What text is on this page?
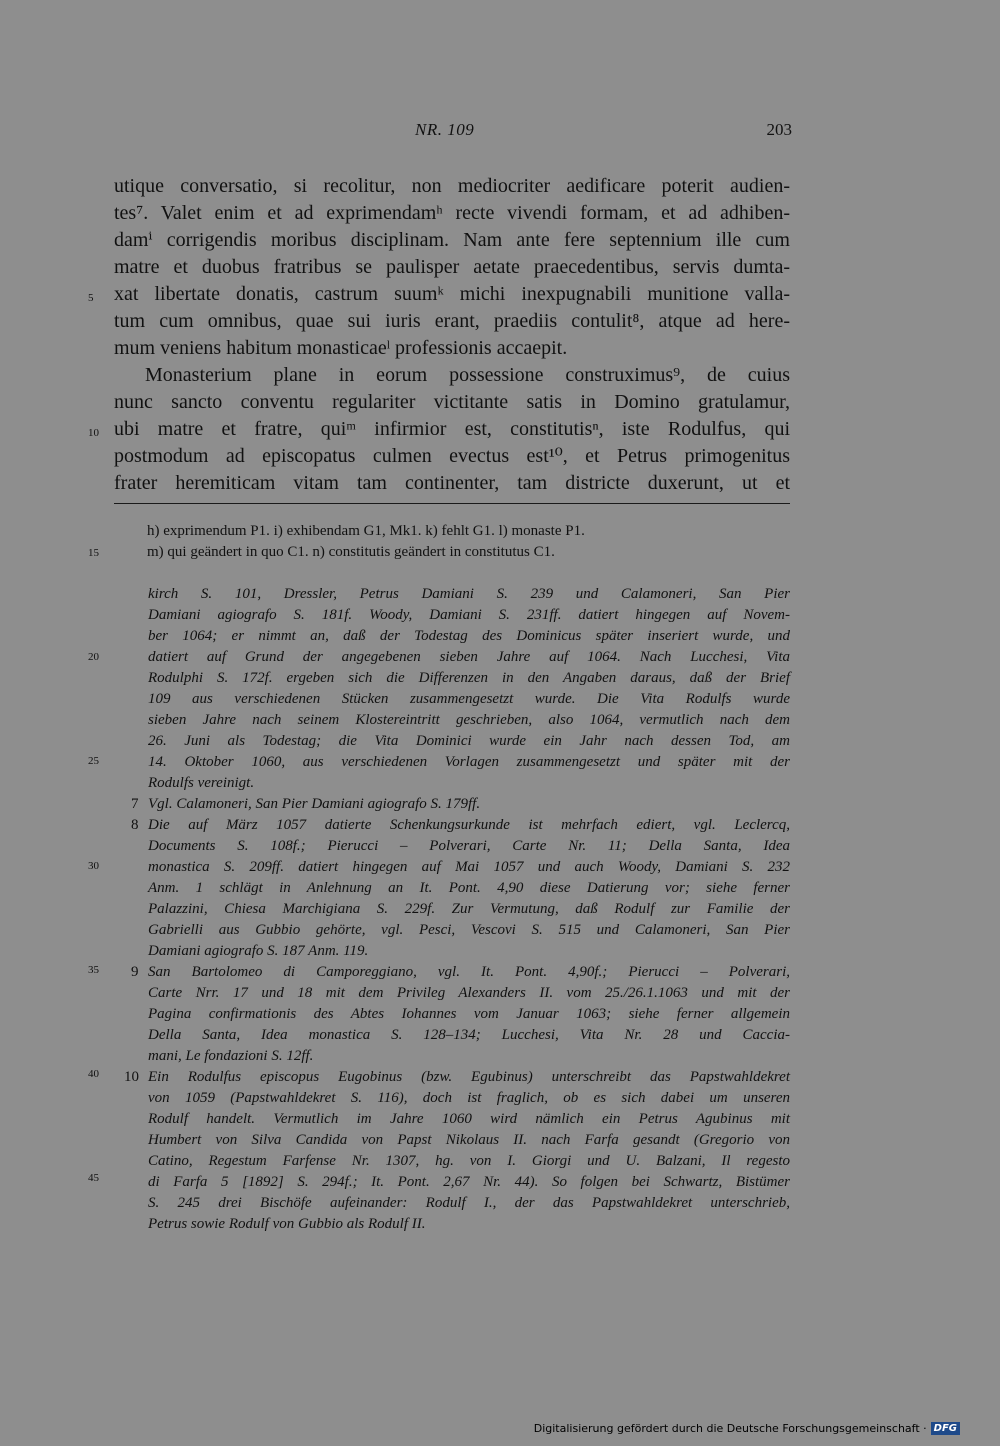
NR. 109	203
utique conversatio, si recolitur, non mediocriter aedificare poterit audien-
tes⁷. Valet enim et ad exprimendamʰ recte vivendi formam, et ad adhiben-
damⁱ corrigendis moribus disciplinam. Nam ante fere septennium ille cum
matre et duobus fratribus se paulisper aetate praecedentibus, servis dumta-
xat libertate donatis, castrum suumᵏ michi inexpugnabili munitione valla-
tum cum omnibus, quae sui iuris erant, praediis contulit⁸, atque ad here-
mum veniens habitum monasticaeˡ professionis accaepit.
Monasterium plane in eorum possessione construximus⁹, de cuius
nunc sancto conventu regulariter victitante satis in Domino gratulamur,
ubi matre et fratre, quiᵐ infirmior est, constitutisⁿ, iste Rodulfus, qui
postmodum ad episcopatus culmen evectus est¹⁰, et Petrus primogenitus
frater heremiticam vitam tam continenter, tam districte duxerunt, ut et
5
10
15
20
25
30
35
40
45
h) exprimendum P1. i) exhibendam G1, Mk1. k) fehlt G1. l) monaste P1.
m) qui geändert in quo C1. n) constitutis geändert in constitutus C1.
kirch S. 101, Dressler, Petrus Damiani S. 239 und Calamoneri, San Pier
Damiani agiografo S. 181f. Woody, Damiani S. 231ff. datiert hingegen auf Novem-
ber 1064; er nimmt an, daß der Todestag des Dominicus später inseriert wurde, und
datiert auf Grund der angegebenen sieben Jahre auf 1064. Nach Lucchesi, Vita
Rodulphi S. 172f. ergeben sich die Differenzen in den Angaben daraus, daß der Brief
109 aus verschiedenen Stücken zusammengesetzt wurde. Die Vita Rodulfs wurde
sieben Jahre nach seinem Klostereintritt geschrieben, also 1064, vermutlich nach dem
26. Juni als Todestag; die Vita Dominici wurde ein Jahr nach dessen Tod, am
14. Oktober 1060, aus verschiedenen Vorlagen zusammengesetzt und später mit der
Rodulfs vereinigt.
7 Vgl. Calamoneri, San Pier Damiani agiografo S. 179ff.
8 Die auf März 1057 datierte Schenkungsurkunde ist mehrfach ediert, vgl. Leclercq,
Documents S. 108f.; Pierucci – Polverari, Carte Nr. 11; Della Santa, Idea
monastica S. 209ff. datiert hingegen auf Mai 1057 und auch Woody, Damiani S. 232
Anm. 1 schlägt in Anlehnung an It. Pont. 4,90 diese Datierung vor; siehe ferner
Palazzini, Chiesa Marchigiana S. 229f. Zur Vermutung, daß Rodulf zur Familie der
Gabrielli aus Gubbio gehörte, vgl. Pesci, Vescovi S. 515 und Calamoneri, San Pier
Damiani agiografo S. 187 Anm. 119.
9 San Bartolomeo di Camporeggiano, vgl. It. Pont. 4,90f.; Pierucci – Polverari,
Carte Nrr. 17 und 18 mit dem Privileg Alexanders II. vom 25./26.1.1063 und mit der
Pagina confirmationis des Abtes Iohannes vom Januar 1063; siehe ferner allgemein
Della Santa, Idea monastica S. 128–134; Lucchesi, Vita Nr. 28 und Caccia-
mani, Le fondazioni S. 12ff.
10 Ein Rodulfus episcopus Eugobinus (bzw. Egubinus) unterschreibt das Papstwahldekret
von 1059 (Papstwahldekret S. 116), doch ist fraglich, ob es sich dabei um unseren
Rodulf handelt. Vermutlich im Jahre 1060 wird nämlich ein Petrus Agubinus mit
Humbert von Silva Candida von Papst Nikolaus II. nach Farfa gesandt (Gregorio von
Catino, Regestum Farfense Nr. 1307, hg. von I. Giorgi und U. Balzani, Il regesto
di Farfa 5 [1892] S. 294f.; It. Pont. 2,67 Nr. 44). So folgen bei Schwartz, Bistümer
S. 245 drei Bischöfe aufeinander: Rodulf I., der das Papstwahldekret unterschrieb,
Petrus sowie Rodulf von Gubbio als Rodulf II.
Digitalisierung gefördert durch die Deutsche Forschungsgemeinschaft · DFG
